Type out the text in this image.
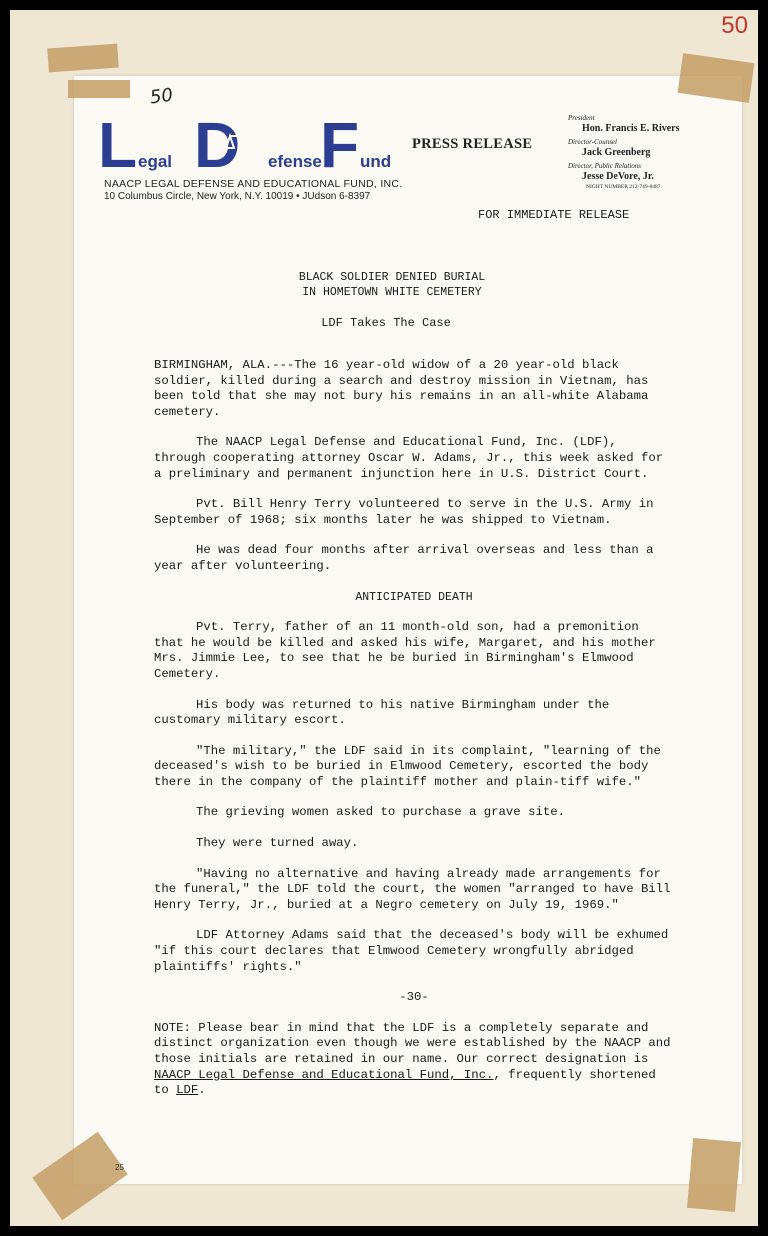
50
50
L egal D efense
F und
NAACP LEGAL DEFENSE AND EDUCATIONAL FUND, INC.
10 Columbus Circle, New York, N.Y. 10019 • JUdson 6-8397
PRESS RELEASE
President
Hon. Francis E. Rivers
Director-Counsel
Jack Greenberg
Director, Public Relations
Jesse DeVore, Jr.
NIGHT NUMBER 212-749-8487
FOR IMMEDIATE RELEASE
BLACK SOLDIER DENIED BURIAL
IN HOMETOWN WHITE CEMETERY
LDF Takes The Case

BIRMINGHAM, ALA.---The 16 year-old widow of a 20 year-old black soldier, killed during a search and destroy mission in Vietnam, has been told that she may not bury his remains in an all-white Alabama cemetery.

The NAACP Legal Defense and Educational Fund, Inc. (LDF), through cooperating attorney Oscar W. Adams, Jr., this week asked for a preliminary and permanent injunction here in U.S. District Court.

Pvt. Bill Henry Terry volunteered to serve in the U.S. Army in September of 1968; six months later he was shipped to Vietnam.

He was dead four months after arrival overseas and less than a year after volunteering.

ANTICIPATED DEATH

Pvt. Terry, father of an 11 month-old son, had a premonition that he would be killed and asked his wife, Margaret, and his mother Mrs. Jimmie Lee, to see that he be buried in Birmingham's Elmwood Cemetery.

His body was returned to his native Birmingham under the customary military escort.

"The military," the LDF said in its complaint, "learning of the deceased's wish to be buried in Elmwood Cemetery, escorted the body there in the company of the plaintiff mother and plain-tiff wife."

The grieving women asked to purchase a grave site.

They were turned away.

"Having no alternative and having already made arrangements for the funeral," the LDF told the court, the women "arranged to have Bill Henry Terry, Jr., buried at a Negro cemetery on July 19, 1969."

LDF Attorney Adams said that the deceased's body will be exhumed "if this court declares that Elmwood Cemetery wrongfully abridged plaintiffs' rights."

-30-

NOTE: Please bear in mind that the LDF is a completely separate and distinct organization even though we were established by the NAACP and those initials are retained in our name. Our correct designation is NAACP Legal Defense and Educational Fund, Inc., frequently shortened to LDF.

25
